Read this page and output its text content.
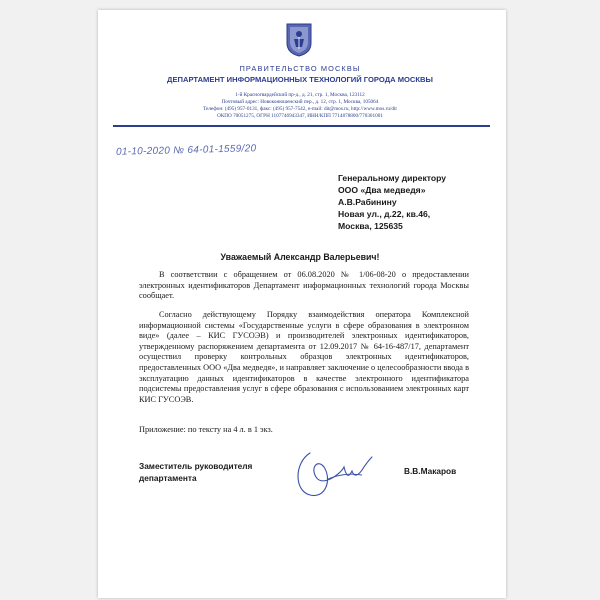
ПРАВИТЕЛЬСТВО МОСКВЫ
ДЕПАРТАМЕНТ ИНФОРМАЦИОННЫХ ТЕХНОЛОГИЙ ГОРОДА МОСКВЫ
1-й Красногвардейский пр-д., д. 21, стр. 1, Москва, 123112
Почтовый адрес: Новоконюшенский пер., д. 12, стр. 1, Москва, 105064
Телефон: (495) 957-0131, факс: (495) 957-7542, e-mail: dit@mos.ru, http://www.mos.ru/dit
ОКПО 70051275, ОГРН 1107746943347, ИНН/КПП 7714878800/770301001
01-10-2020 № 64-01-1559/20
Генеральному директору
ООО «Два медведя»
А.В.Рабинину
Новая ул., д.22, кв.46,
Москва, 125635
Уважаемый Александр Валерьевич!
В соответствии с обращением от 06.08.2020 № 1/06-08-20 о предоставлении электронных идентификаторов Департамент информационных технологий города Москвы сообщает.
Согласно действующему Порядку взаимодействия оператора Комплексной информационной системы «Государственные услуги в сфере образования в электронном виде» (далее – КИС ГУСОЭВ) и производителей электронных идентификаторов, утвержденному распоряжением департамента от 12.09.2017 № 64-16-487/17, департамент осуществил проверку контрольных образцов электронных идентификаторов, предоставленных ООО «Два медведя», и направляет заключение о целесообразности ввода в эксплуатацию данных идентификаторов в качестве электронного идентификатора подсистемы предоставления услуг в сфере образования с использованием электронных карт КИС ГУСОЭВ.
Приложение: по тексту на 4 л. в 1 экз.
Заместитель руководителя
департамента
В.В.Макаров
